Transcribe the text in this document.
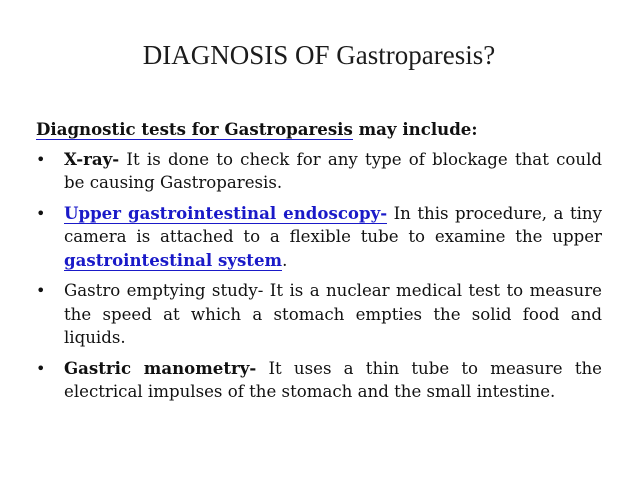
DIAGNOSIS OF Gastroparesis?

Diagnostic tests for Gastroparesis may include:

• X-ray- It is done to check for any type of blockage that could be causing Gastroparesis.
• Upper gastrointestinal endoscopy- In this procedure, a tiny camera is attached to a flexible tube to examine the upper gastrointestinal system.
• Gastro emptying study- It is a nuclear medical test to measure the speed at which a stomach empties the solid food and liquids.
• Gastric manometry- It uses a thin tube to measure the electrical impulses of the stomach and the small intestine.
